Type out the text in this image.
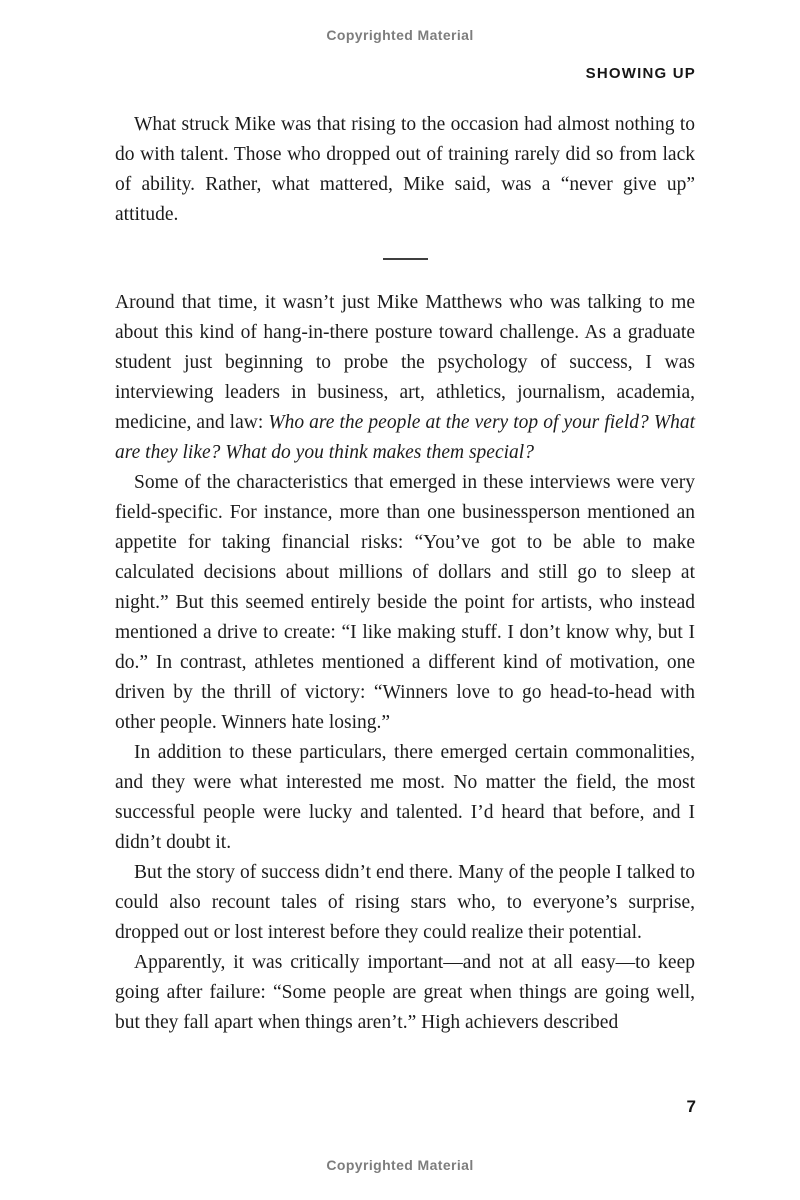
Copyrighted Material
SHOWING UP

What struck Mike was that rising to the occasion had almost nothing to do with talent. Those who dropped out of training rarely did so from lack of ability. Rather, what mattered, Mike said, was a “never give up” attitude.

Around that time, it wasn’t just Mike Matthews who was talking to me about this kind of hang-in-there posture toward challenge. As a graduate student just beginning to probe the psychology of success, I was interviewing leaders in business, art, athletics, journalism, academia, medicine, and law: Who are the people at the very top of your field? What are they like? What do you think makes them special?

Some of the characteristics that emerged in these interviews were very field-specific. For instance, more than one businessperson mentioned an appetite for taking financial risks: “You’ve got to be able to make calculated decisions about millions of dollars and still go to sleep at night.” But this seemed entirely beside the point for artists, who instead mentioned a drive to create: “I like making stuff. I don’t know why, but I do.” In contrast, athletes mentioned a different kind of motivation, one driven by the thrill of victory: “Winners love to go head-to-head with other people. Winners hate losing.”

In addition to these particulars, there emerged certain commonalities, and they were what interested me most. No matter the field, the most successful people were lucky and talented. I’d heard that before, and I didn’t doubt it.

But the story of success didn’t end there. Many of the people I talked to could also recount tales of rising stars who, to everyone’s surprise, dropped out or lost interest before they could realize their potential.

Apparently, it was critically important—and not at all easy—to keep going after failure: “Some people are great when things are going well, but they fall apart when things aren’t.” High achievers described

7
Copyrighted Material
